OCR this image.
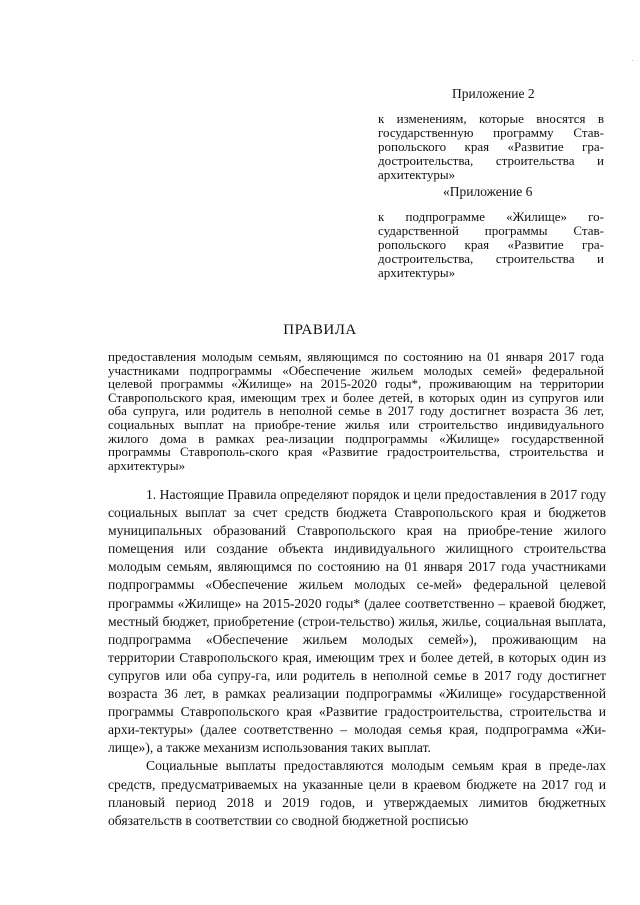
Приложение 2
к изменениям, которые вносятся в государственную программу Став-ропольского края «Развитие гра-достроительства, строительства и архитектуры»
«Приложение 6
к подпрограмме «Жилище» го-сударственной программы Став-ропольского края «Развитие гра-достроительства, строительства и архитектуры»
ПРАВИЛА
предоставления молодым семьям, являющимся по состоянию на 01 января 2017 года участниками подпрограммы «Обеспечение жильем молодых семей» федеральной целевой программы «Жилище» на 2015-2020 годы*, проживающим на территории Ставропольского края, имеющим трех и более детей, в которых один из супругов или оба супруга, или родитель в неполной семье в 2017 году достигнет возраста 36 лет, социальных выплат на приобре-тение жилья или строительство индивидуального жилого дома в рамках реа-лизации подпрограммы «Жилище» государственной программы Ставрополь-ского края «Развитие градостроительства, строительства и архитектуры»

1. Настоящие Правила определяют порядок и цели предоставления в 2017 году социальных выплат за счет средств бюджета Ставропольского края и бюджетов муниципальных образований Ставропольского края на приобре-тение жилого помещения или создание объекта индивидуального жилищного строительства молодым семьям, являющимся по состоянию на 01 января 2017 года участниками подпрограммы «Обеспечение жильем молодых се-мей» федеральной целевой программы «Жилище» на 2015-2020 годы* (далее соответственно – краевой бюджет, местный бюджет, приобретение (строи-тельство) жилья, жилье, социальная выплата, подпрограмма «Обеспечение жильем молодых семей»), проживающим на территории Ставропольского края, имеющим трех и более детей, в которых один из супругов или оба супру-га, или родитель в неполной семье в 2017 году достигнет возраста 36 лет, в рамках реализации подпрограммы «Жилище» государственной программы Ставропольского края «Развитие градостроительства, строительства и архи-тектуры» (далее соответственно – молодая семья края, подпрограмма «Жи-лище»), а также механизм использования таких выплат.

Социальные выплаты предоставляются молодым семьям края в преде-лах средств, предусматриваемых на указанные цели в краевом бюджете на 2017 год и плановый период 2018 и 2019 годов, и утверждаемых лимитов бюджетных обязательств в соответствии со сводной бюджетной росписью
